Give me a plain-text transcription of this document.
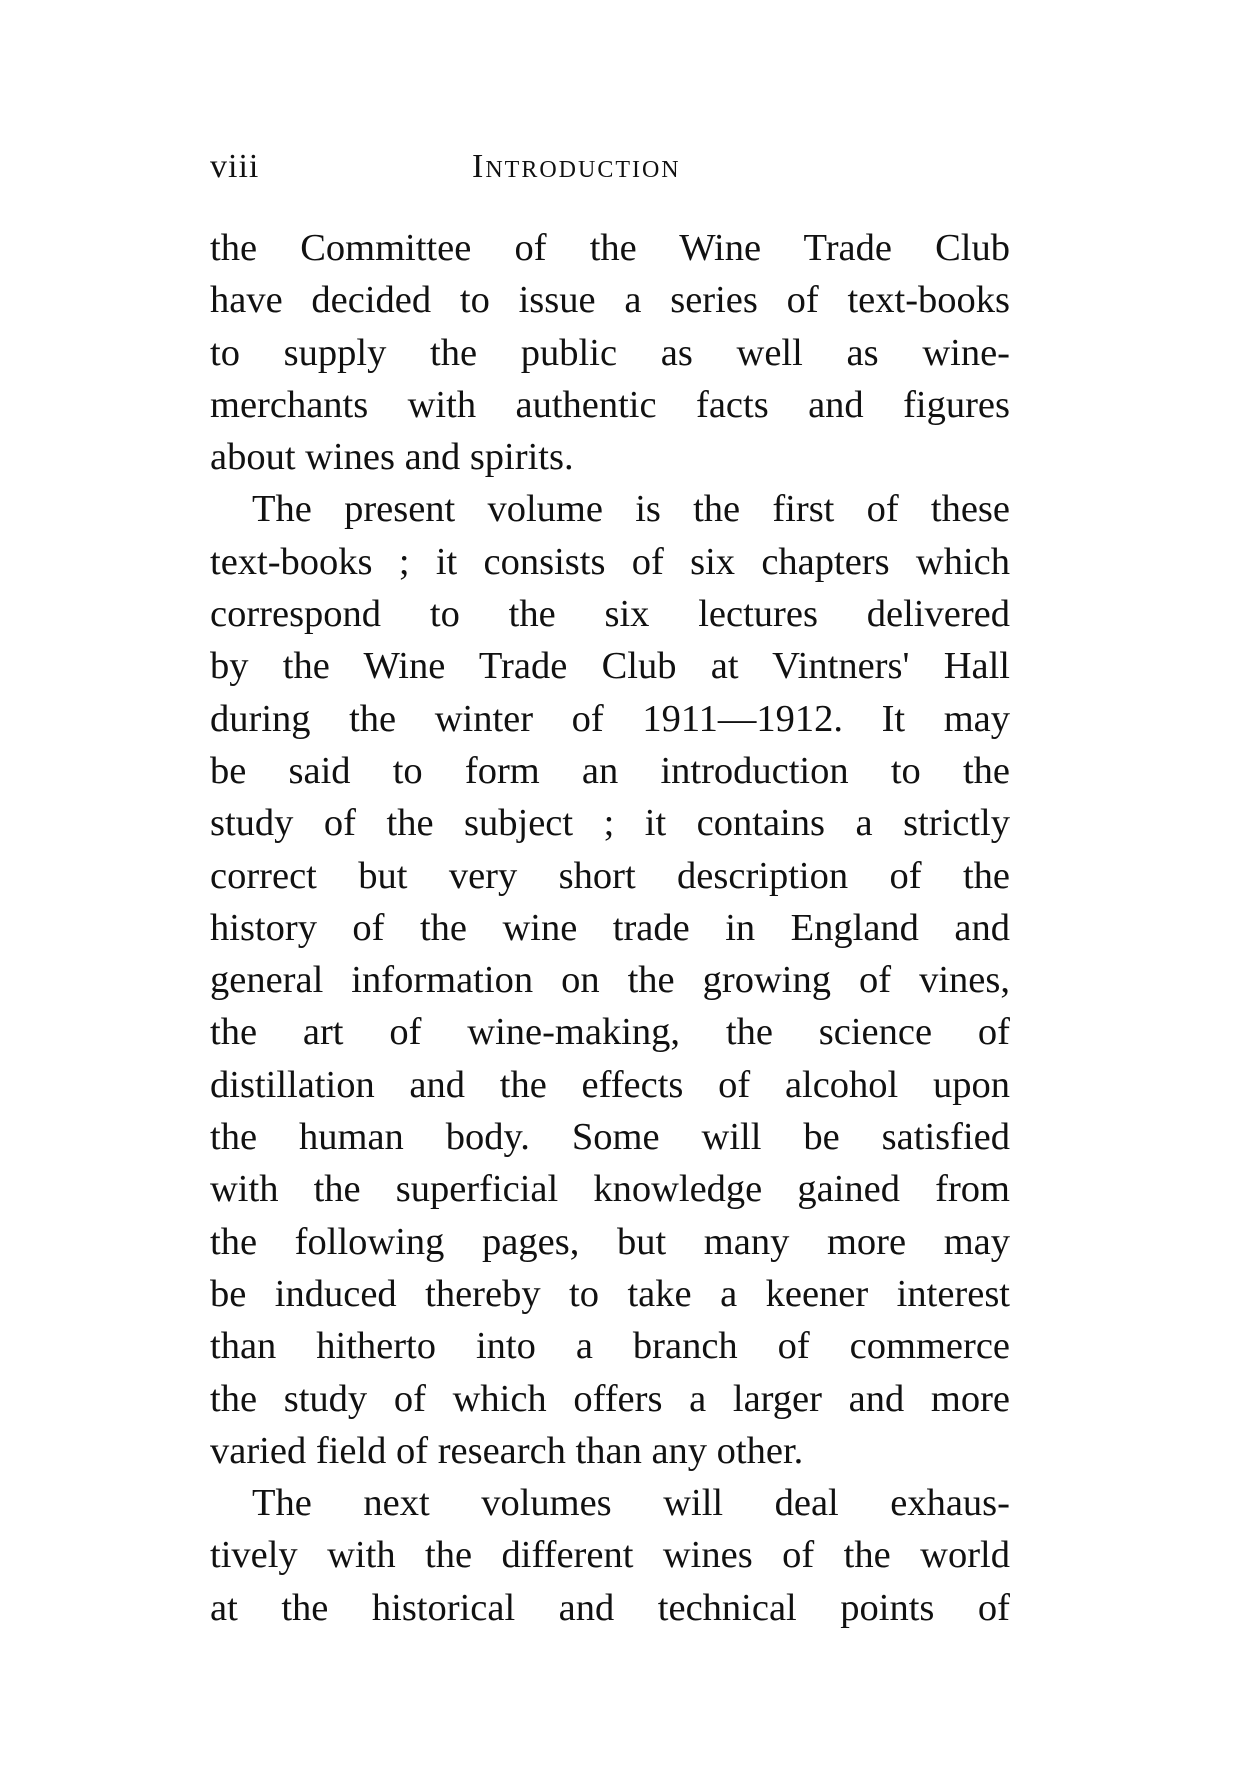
viii	Introduction
the Committee of the Wine Trade Club
have decided to issue a series of text-books
to supply the public as well as wine-
merchants with authentic facts and figures
about wines and spirits.
The present volume is the first of these
text-books ; it consists of six chapters which
correspond to the six lectures delivered
by the Wine Trade Club at Vintners' Hall
during the winter of 1911—1912. It may
be said to form an introduction to the
study of the subject ; it contains a strictly
correct but very short description of the
history of the wine trade in England and
general information on the growing of vines,
the art of wine-making, the science of
distillation and the effects of alcohol upon
the human body. Some will be satisfied
with the superficial knowledge gained from
the following pages, but many more may
be induced thereby to take a keener interest
than hitherto into a branch of commerce
the study of which offers a larger and more
varied field of research than any other.
The next volumes will deal exhaus-
tively with the different wines of the world
at the historical and technical points of
